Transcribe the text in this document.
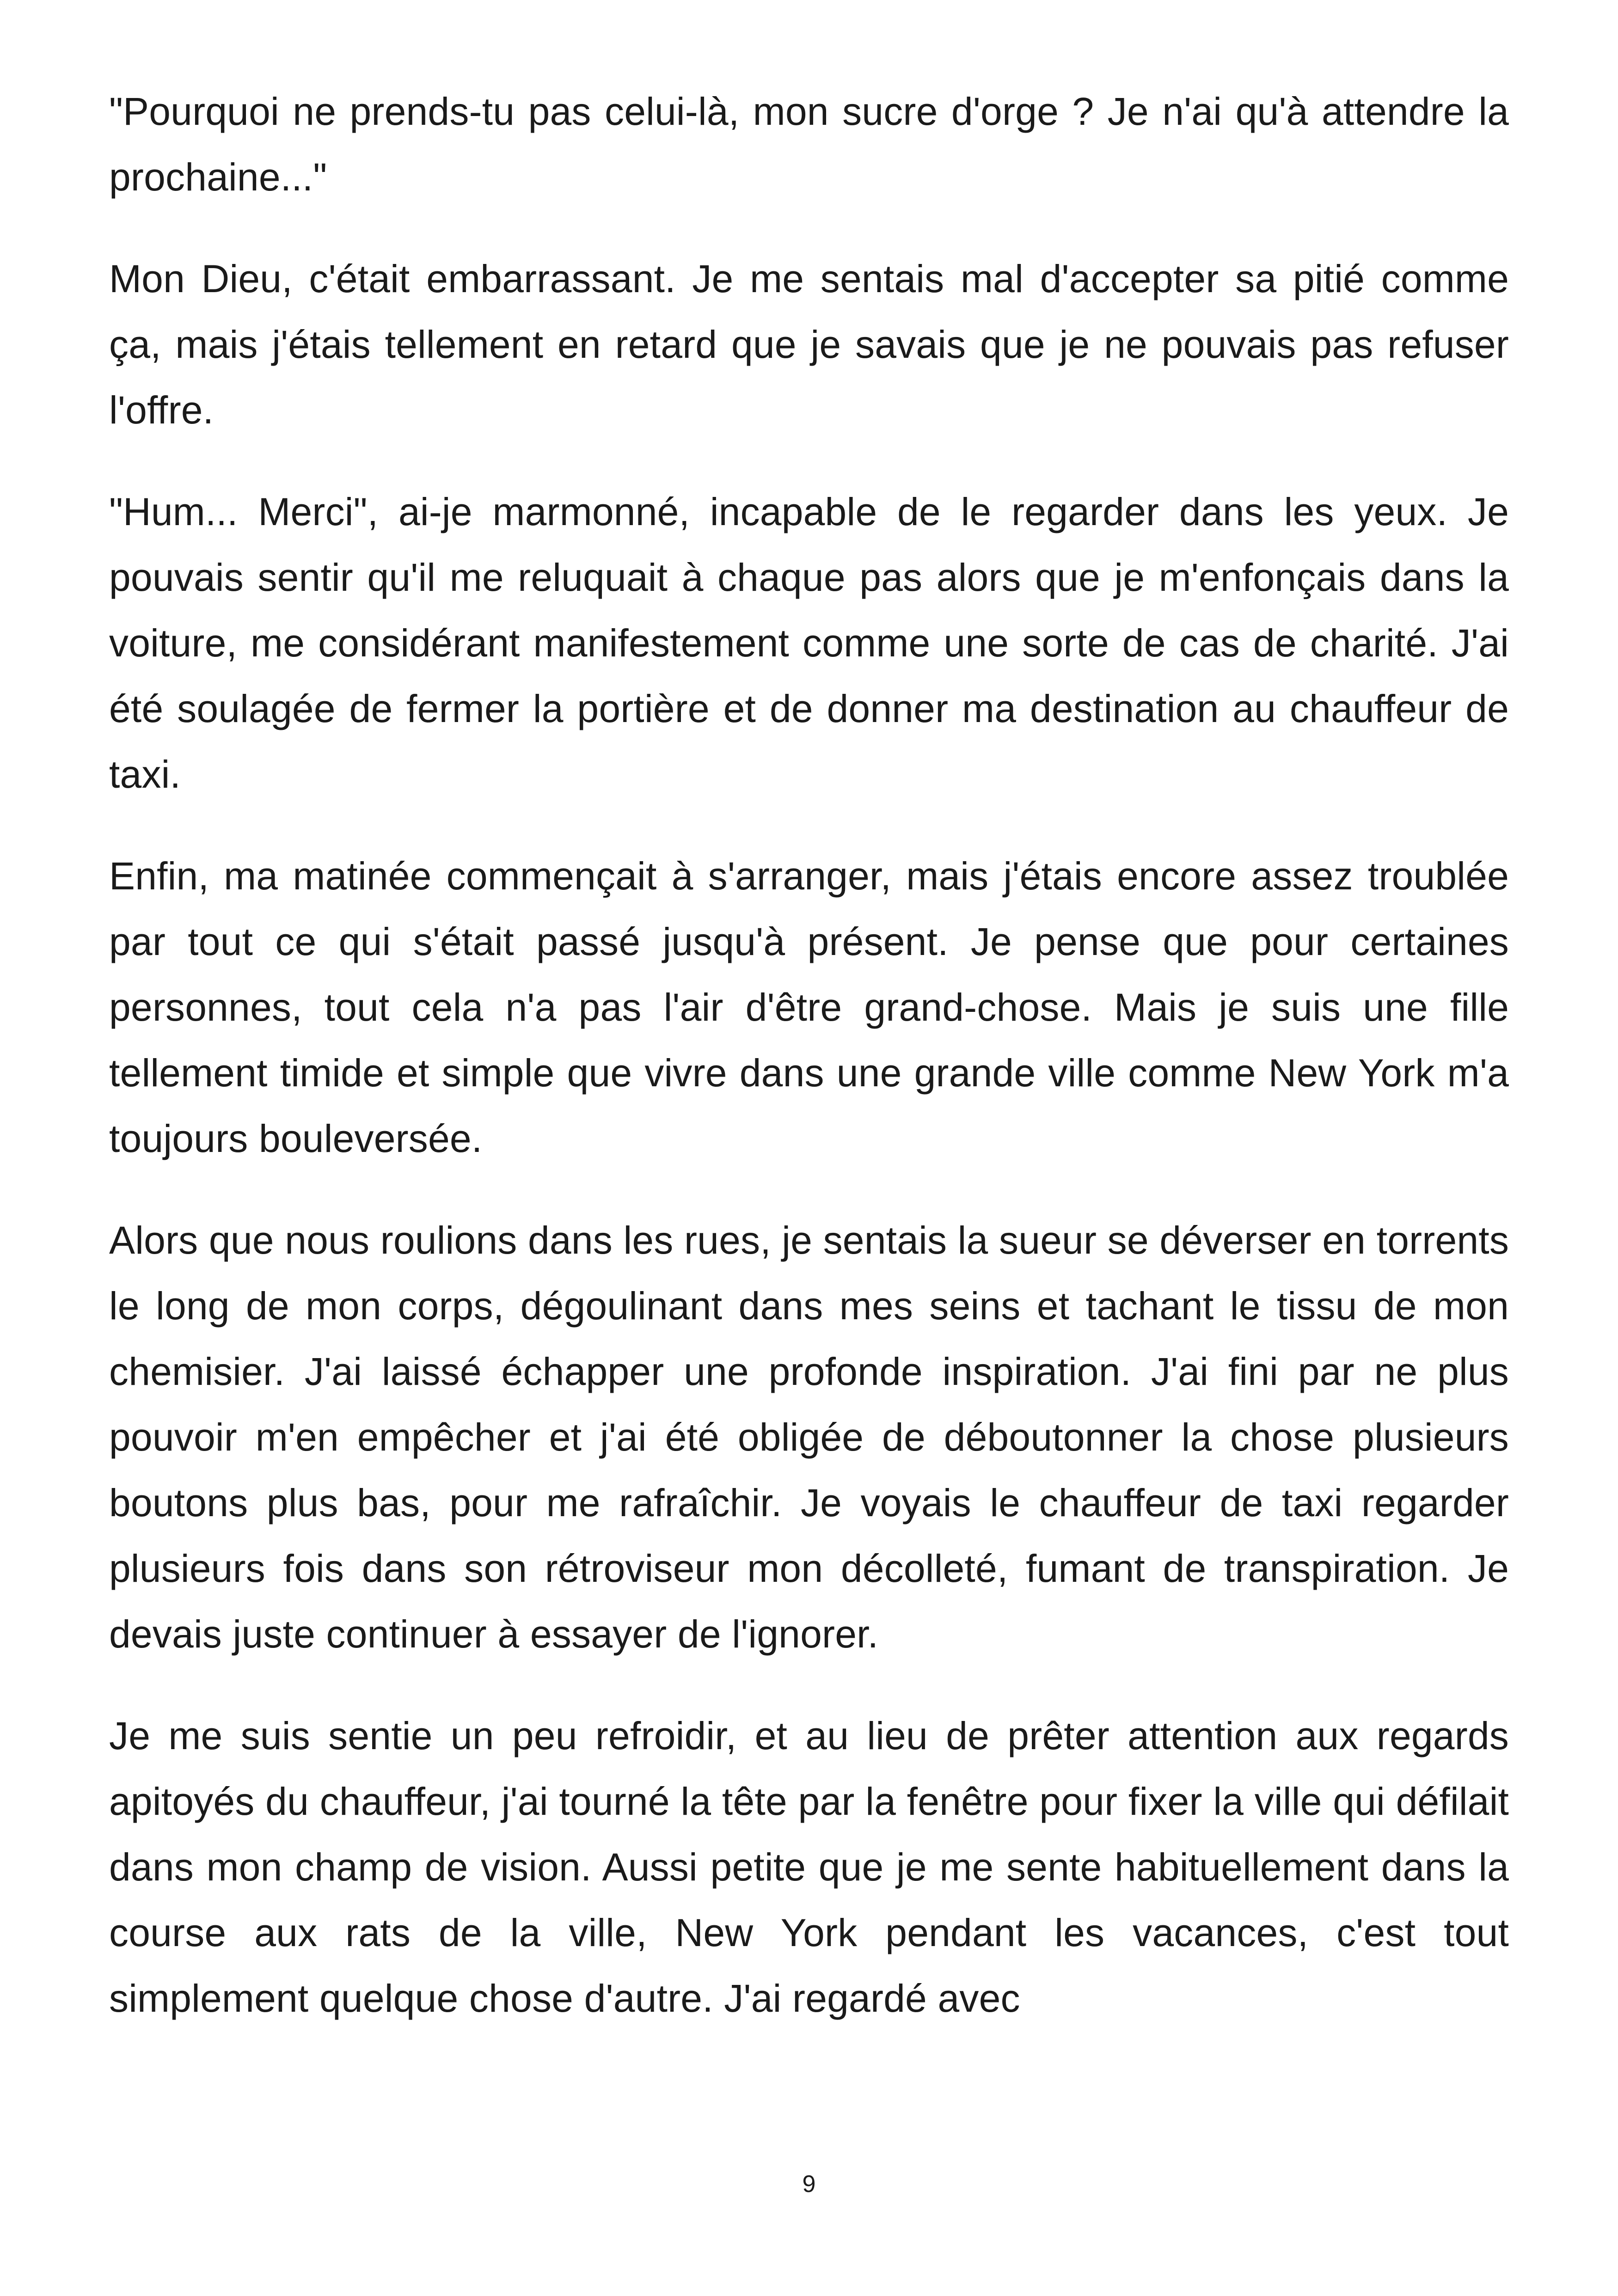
"Pourquoi ne prends-tu pas celui-là, mon sucre d'orge ? Je n'ai qu'à attendre la prochaine..."

Mon Dieu, c'était embarrassant. Je me sentais mal d'accepter sa pitié comme ça, mais j'étais tellement en retard que je savais que je ne pouvais pas refuser l'offre.

"Hum... Merci", ai-je marmonné, incapable de le regarder dans les yeux. Je pouvais sentir qu'il me reluquait à chaque pas alors que je m'enfonçais dans la voiture, me considérant manifestement comme une sorte de cas de charité. J'ai été soulagée de fermer la portière et de donner ma destination au chauffeur de taxi.

Enfin, ma matinée commençait à s'arranger, mais j'étais encore assez troublée par tout ce qui s'était passé jusqu'à présent. Je pense que pour certaines personnes, tout cela n'a pas l'air d'être grand-chose. Mais je suis une fille tellement timide et simple que vivre dans une grande ville comme New York m'a toujours bouleversée.

Alors que nous roulions dans les rues, je sentais la sueur se déverser en torrents le long de mon corps, dégoulinant dans mes seins et tachant le tissu de mon chemisier. J'ai laissé échapper une profonde inspiration. J'ai fini par ne plus pouvoir m'en empêcher et j'ai été obligée de déboutonner la chose plusieurs boutons plus bas, pour me rafraîchir. Je voyais le chauffeur de taxi regarder plusieurs fois dans son rétroviseur mon décolleté, fumant de transpiration. Je devais juste continuer à essayer de l'ignorer.

Je me suis sentie un peu refroidir, et au lieu de prêter attention aux regards apitoyés du chauffeur, j'ai tourné la tête par la fenêtre pour fixer la ville qui défilait dans mon champ de vision. Aussi petite que je me sente habituellement dans la course aux rats de la ville, New York pendant les vacances, c'est tout simplement quelque chose d'autre. J'ai regardé avec

9
